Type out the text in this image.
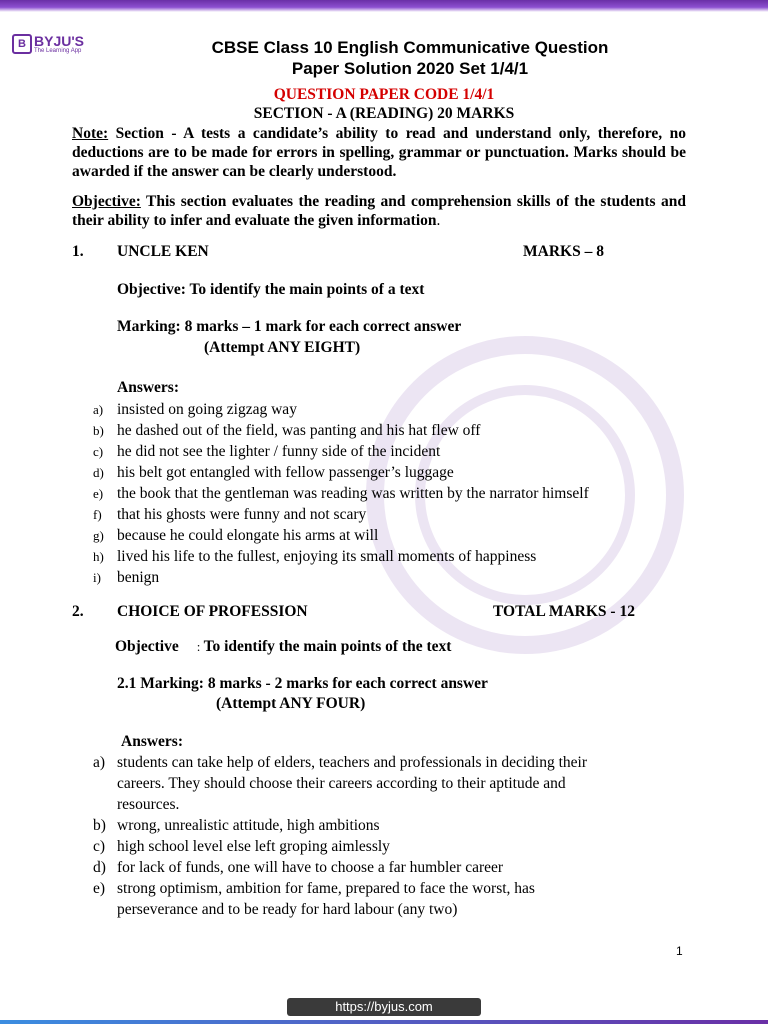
B BYJU'S
The Learning App	CBSE Class 10 English Communicative Question
Paper Solution 2020 Set 1/4/1
QUESTION PAPER CODE 1/4/1
SECTION - A (READING) 20 MARKS
Note: Section - A tests a candidate’s ability to read and understand only, therefore, no deductions are to be made for errors in spelling, grammar or punctuation. Marks should be awarded if the answer can be clearly understood.
Objective: This section evaluates the reading and comprehension skills of the students and their ability to infer and evaluate the given information.
1. UNCLE KEN	MARKS – 8
Objective: To identify the main points of a text
Marking: 8 marks – 1 mark for each correct answer
(Attempt ANY EIGHT)
Answers:
a) insisted on going zigzag way
b) he dashed out of the field, was panting and his hat flew off
c) he did not see the lighter / funny side of the incident
d) his belt got entangled with fellow passenger’s luggage
e) the book that the gentleman was reading was written by the narrator himself
f) that his ghosts were funny and not scary
g) because he could elongate his arms at will
h) lived his life to the fullest, enjoying its small moments of happiness
i) benign
2. CHOICE OF PROFESSION	TOTAL MARKS - 12
Objective : To identify the main points of the text
2.1 Marking: 8 marks - 2 marks for each correct answer
(Attempt ANY FOUR)
Answers:
a) students can take help of elders, teachers and professionals in deciding their
careers. They should choose their careers according to their aptitude and
resources.
b) wrong, unrealistic attitude, high ambitions
c) high school level else left groping aimlessly
d) for lack of funds, one will have to choose a far humbler career
e) strong optimism, ambition for fame, prepared to face the worst, has
perseverance and to be ready for hard labour (any two)
1
https://byjus.com
